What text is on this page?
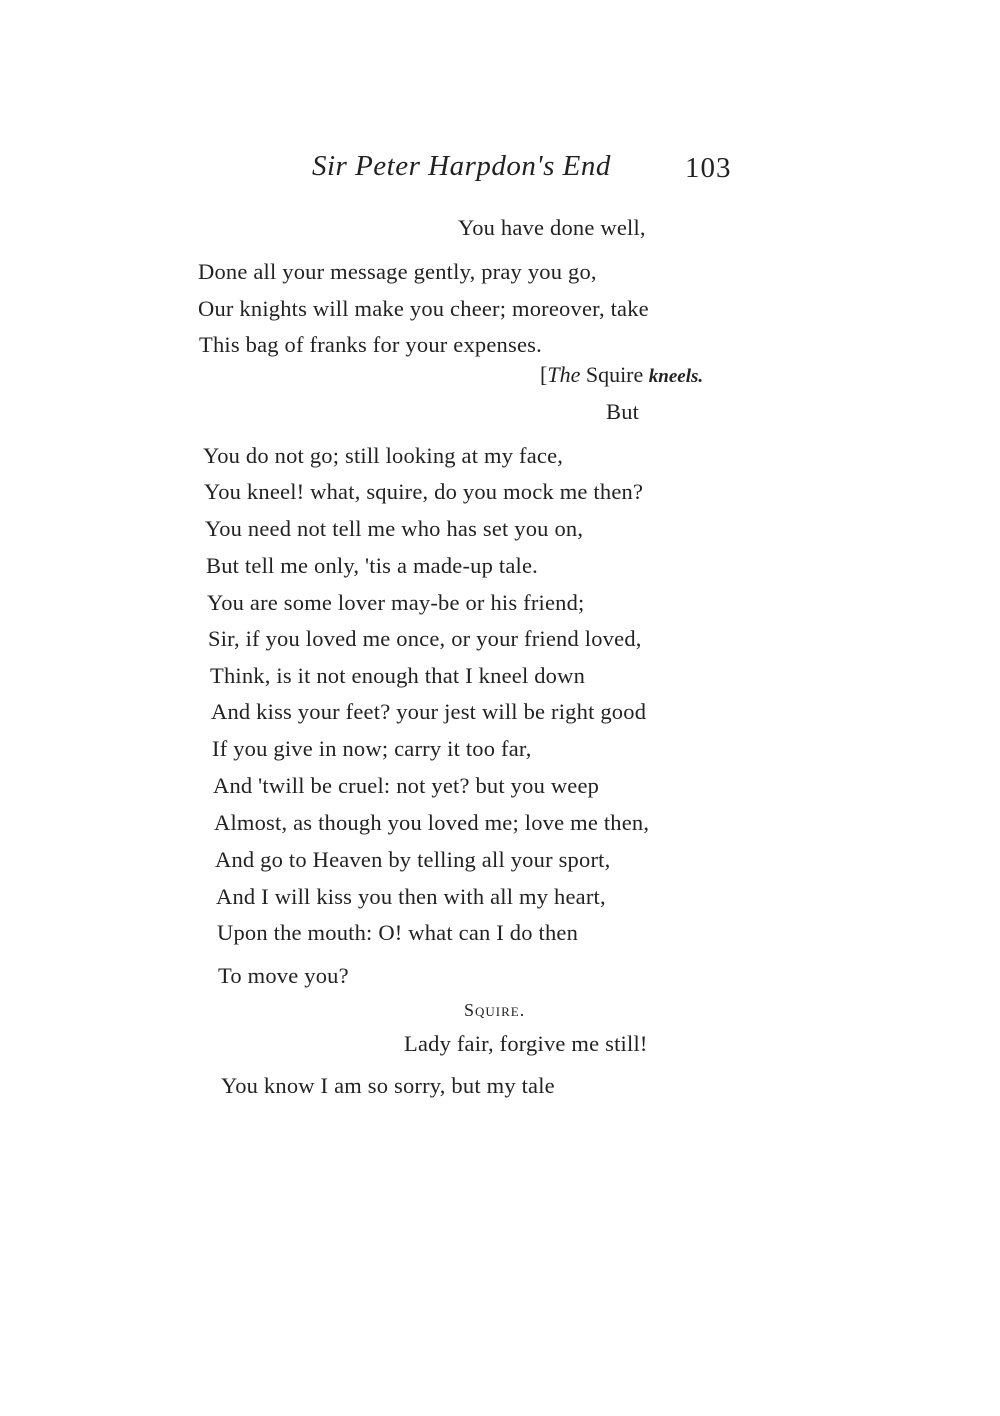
Sir Peter Harpdon's End	103
You have done well,
Done all your message gently, pray you go,
Our knights will make you cheer; moreover, take
This bag of franks for your expenses.
[The Squire kneels.
But
You do not go; still looking at my face,
You kneel! what, squire, do you mock me then?
You need not tell me who has set you on,
But tell me only, 'tis a made-up tale.
You are some lover may-be or his friend;
Sir, if you loved me once, or your friend loved,
Think, is it not enough that I kneel down
And kiss your feet? your jest will be right good
If you give in now; carry it too far,
And 'twill be cruel: not yet? but you weep
Almost, as though you loved me; love me then,
And go to Heaven by telling all your sport,
And I will kiss you then with all my heart,
Upon the mouth: O! what can I do then
To move you?
Squire.
Lady fair, forgive me still!
You know I am so sorry, but my tale
